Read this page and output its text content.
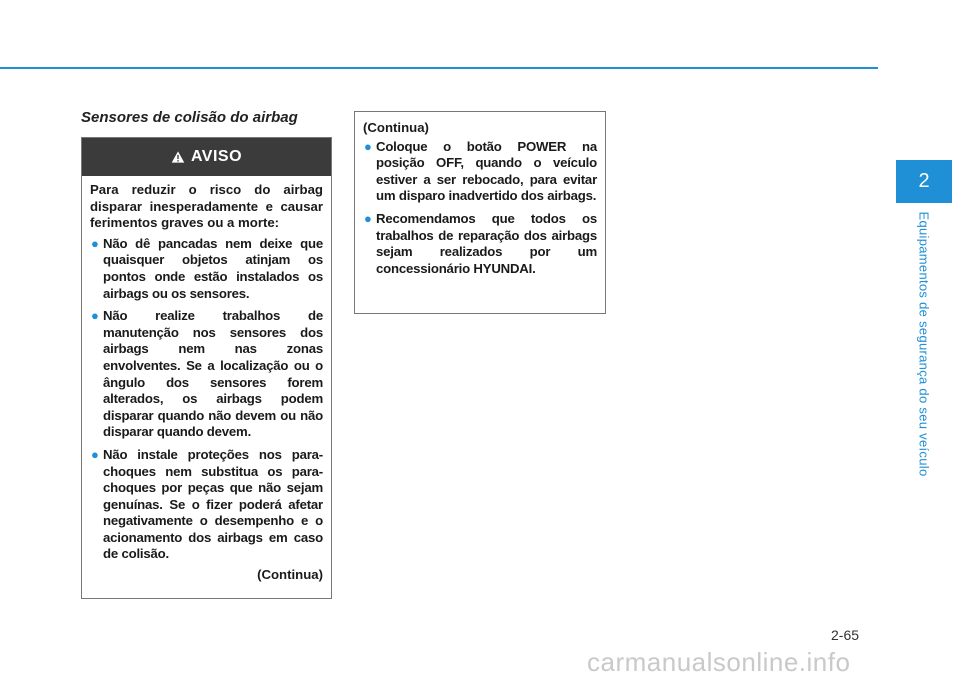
Sensores de colisão do airbag
AVISO

Para reduzir o risco do airbag disparar inesperadamente e causar ferimentos graves ou a morte:

● Não dê pancadas nem deixe que quaisquer objetos atinjam os pontos onde estão instalados os airbags ou os sensores.
● Não realize trabalhos de manutenção nos sensores dos airbags nem nas zonas envolventes. Se a localização ou o ângulo dos sensores forem alterados, os airbags podem disparar quando não devem ou não disparar quando devem.
● Não instale proteções nos para-choques nem substitua os para-choques por peças que não sejam genuínas. Se o fizer poderá afetar negativamente o desempenho e o acionamento dos airbags em caso de colisão.
(Continua)
(Continua)
● Coloque o botão POWER na posição OFF, quando o veículo estiver a ser rebocado, para evitar um disparo inadvertido dos airbags.
● Recomendamos que todos os trabalhos de reparação dos airbags sejam realizados por um concessionário HYUNDAI.
2
Equipamentos de segurança do seu veículo
2-65
carmanualsonline.info
